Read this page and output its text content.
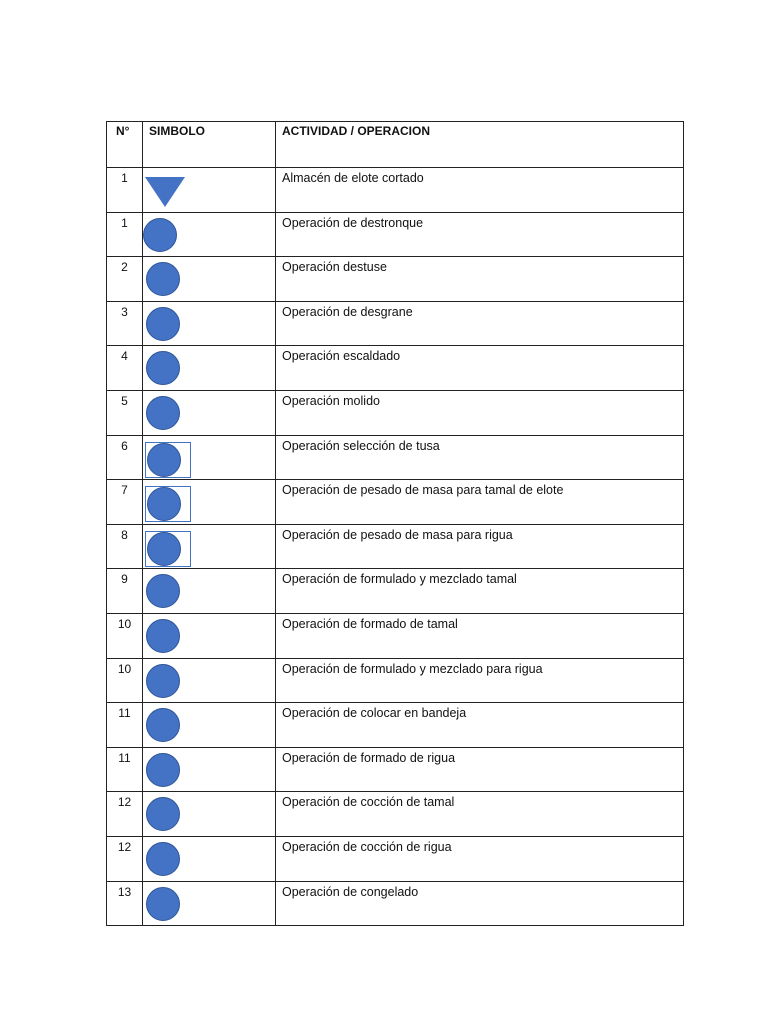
N°	SIMBOLO	ACTIVIDAD / OPERACION

1		Almacén de elote cortado

1		Operación de destronque

2		Operación destuse

3		Operación de desgrane

4		Operación escaldado

5		Operación molido

6		Operación selección de tusa

7		Operación de pesado de masa para tamal de elote

8		Operación de pesado de masa para rigua

9		Operación de formulado y mezclado tamal

10		Operación de formado de tamal

10		Operación de formulado y mezclado para rigua

11		Operación de colocar en bandeja

11		Operación de formado de rigua

12		Operación de cocción de tamal

12		Operación de cocción de rigua

13		Operación de congelado
